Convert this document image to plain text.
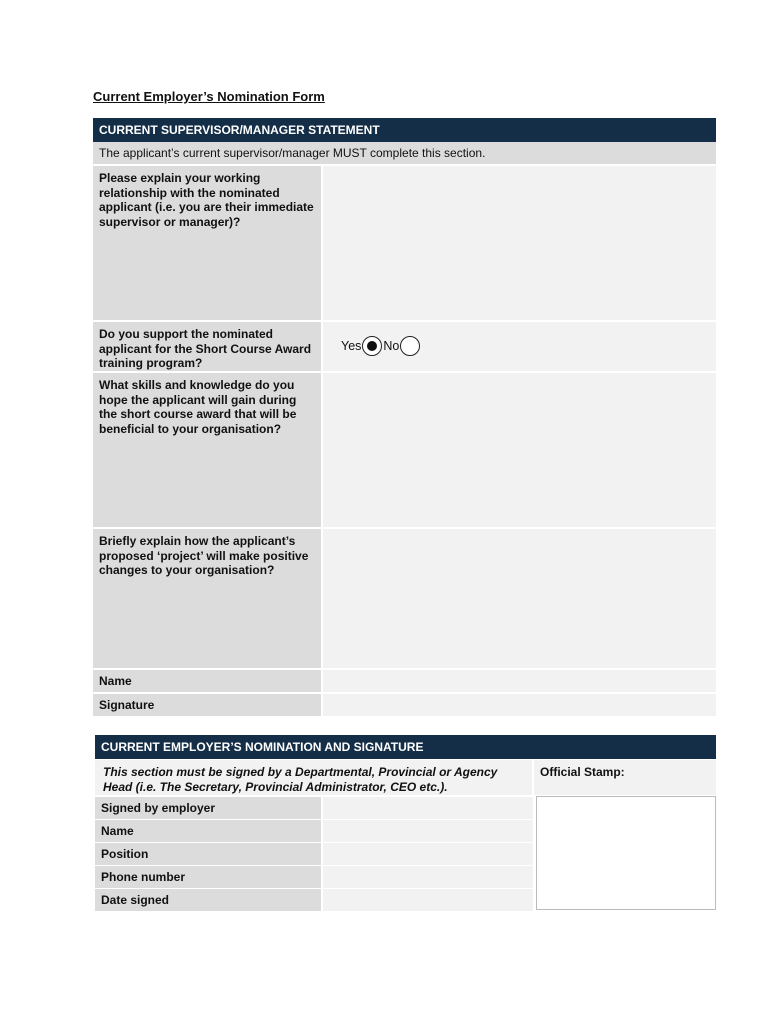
Current Employer’s Nomination Form
CURRENT SUPERVISOR/MANAGER STATEMENT
The applicant’s current supervisor/manager MUST complete this section.
Please explain your working relationship with the nominated applicant (i.e. you are their immediate supervisor or manager)?
Do you support the nominated applicant for the Short Course Award training program?
Yes No
What skills and knowledge do you hope the applicant will gain during the short course award that will be beneficial to your organisation?
Briefly explain how the applicant’s proposed ‘project’ will make positive changes to your organisation?
Name
Signature
CURRENT EMPLOYER’S NOMINATION AND SIGNATURE
This section must be signed by a Departmental, Provincial or Agency Head (i.e. The Secretary, Provincial Administrator, CEO etc.).
Official Stamp:
Signed by employer
Name
Position
Phone number
Date signed
